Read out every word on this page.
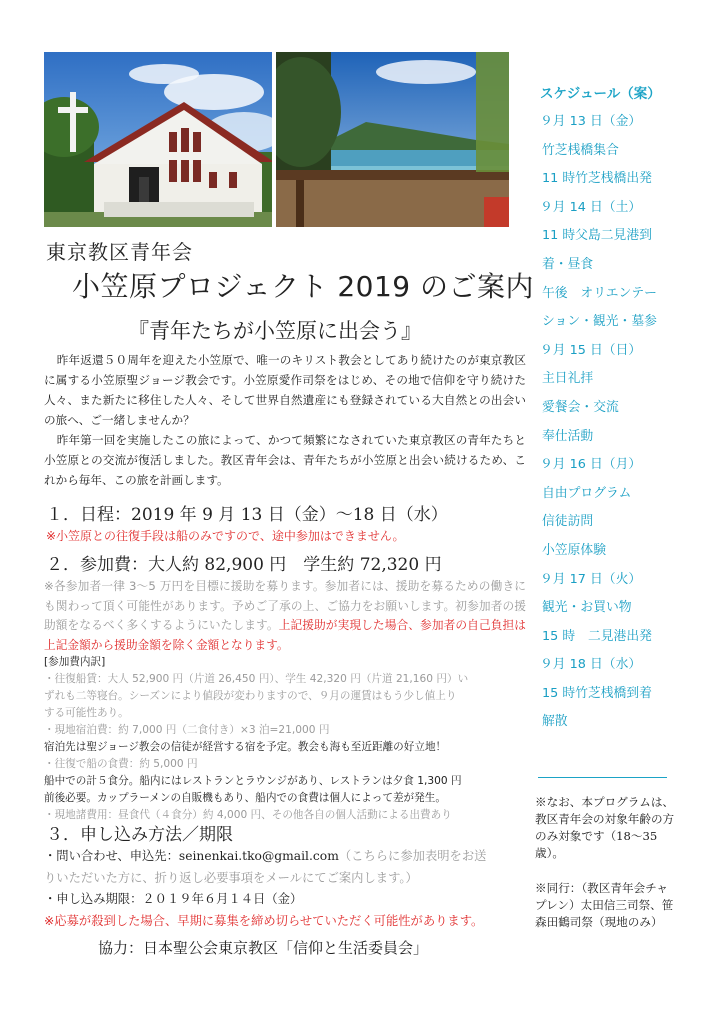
東京教区青年会
小笠原プロジェクト 2019 のご案内
『青年たちが小笠原に出会う』

昨年返還５０周年を迎えた小笠原で、唯一のキリスト教会としてあり続けたのが東京教区に属する小笠原聖ジョージ教会です。小笠原愛作司祭をはじめ、その地で信仰を守り続けた人々、また新たに移住した人々、そして世界自然遺産にも登録されている大自然との出会いの旅へ、ご一緒しませんか？

昨年第一回を実施したこの旅によって、かつて頻繁になされていた東京教区の青年たちと小笠原との交流が復活しました。教区青年会は、青年たちが小笠原と出会い続けるため、これから毎年、この旅を計画します。

１．日程：2019 年 9 月 13 日（金）～18 日（水）
※小笠原との往復手段は船のみですので、途中参加はできません。
２．参加費：大人約 82,900 円　学生約 72,320 円
※各参加者一律 3～5 万円を目標に援助を募ります。参加者には、援助を募るための働きにも関わって頂く可能性があります。予めご了承の上、ご協力をお願いします。初参加者の援助額をなるべく多くするようにいたします。上記援助が実現した場合、参加者の自己負担は上記金額から援助金額を除く金額となります。
[参加費内訳]
・往復船賃：大人 52,900 円（片道 26,450 円）、学生 42,320 円（片道 21,160 円）い
ずれも二等寝台。シーズンにより値段が変わりますので、９月の運賃はもう少し値上り
する可能性あり。
・現地宿泊費：約 7,000 円（二食付き）×3 泊=21,000 円
宿泊先は聖ジョージ教会の信徒が経営する宿を予定。教会も海も至近距離の好立地！
・往復で船の食費：約 5,000 円
船中での計５食分。船内にはレストランとラウンジがあり、レストランは夕食 1,300 円
前後必要。カップラーメンの自販機もあり、船内での食費は個人によって差が発生。
・現地諸費用：昼食代（４食分）約 4,000 円、その他各自の個人活動による出費あり
３．申し込み方法／期限
・問い合わせ、申込先：seinenkai.tko@gmail.com（こちらに参加表明をお送
りいただいた方に、折り返し必要事項をメールにてご案内します。）
・申し込み期限：２０１９年６月１４日（金）
※応募が殺到した場合、早期に募集を締め切らせていただく可能性があります。
協力：日本聖公会東京教区「信仰と生活委員会」
スケジュール（案）
９月 13 日（金）
竹芝桟橋集合
11 時竹芝桟橋出発
９月 14 日（土）
11 時父島二見港到
着・昼食
午後　オリエンテー
ション・観光・墓参
９月 15 日（日）
主日礼拝
愛餐会・交流
奉仕活動
９月 16 日（月）
自由プログラム
信徒訪問
小笠原体験
９月 17 日（火）
観光・お買い物
15 時　二見港出発
９月 18 日（水）
15 時竹芝桟橋到着
解散
※なお、本プログラムは、教区青年会の対象年齢の方のみ対象です（18～35 歳）。
※同行：（教区青年会チャプレン）太田信三司祭、笹森田鶴司祭（現地のみ）
